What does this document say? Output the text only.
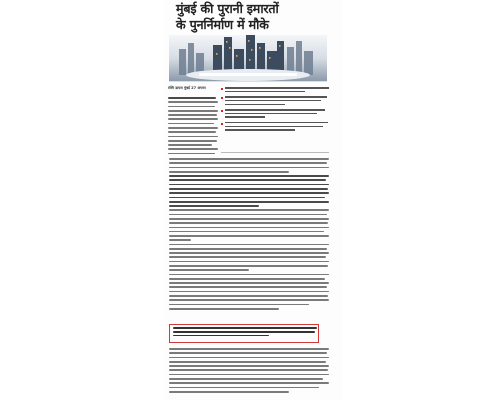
मुंबई की पुरानी इमारतों
के पुनर्निर्माण में मौके
रश्मि डायस मुंबई 27 अगस्त
